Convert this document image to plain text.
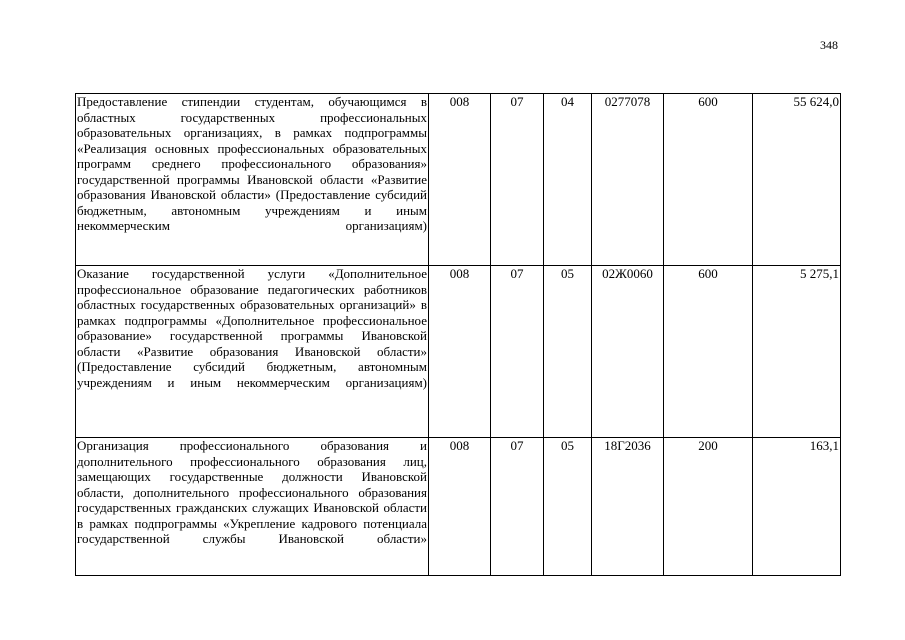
348
Предоставление стипендии студентам, обучающимся в областных государственных профессиональных образовательных организациях, в рамках подпрограммы «Реализация основных профессиональных образовательных программ среднего профессионального образования» государственной программы Ивановской области «Развитие образования Ивановской области» (Предоставление субсидий бюджетным, автономным учреждениям и иным некоммерческим организациям)	008	07	04	0277078	600	55 624,0
Оказание государственной услуги «Дополнительное профессиональное образование педагогических работников областных государственных образовательных организаций» в рамках подпрограммы «Дополнительное профессиональное образование» государственной программы Ивановской области «Развитие образования Ивановской области» (Предоставление субсидий бюджетным, автономным учреждениям и иным некоммерческим организациям)	008	07	05	02Ж0060	600	5 275,1
Организация профессионального образования и дополнительного профессионального образования лиц, замещающих государственные должности Ивановской области, дополнительного профессионального образования государственных гражданских служащих Ивановской области в рамках подпрограммы «Укрепление кадрового потенциала государственной службы Ивановской области»	008	07	05	18Г2036	200	163,1
